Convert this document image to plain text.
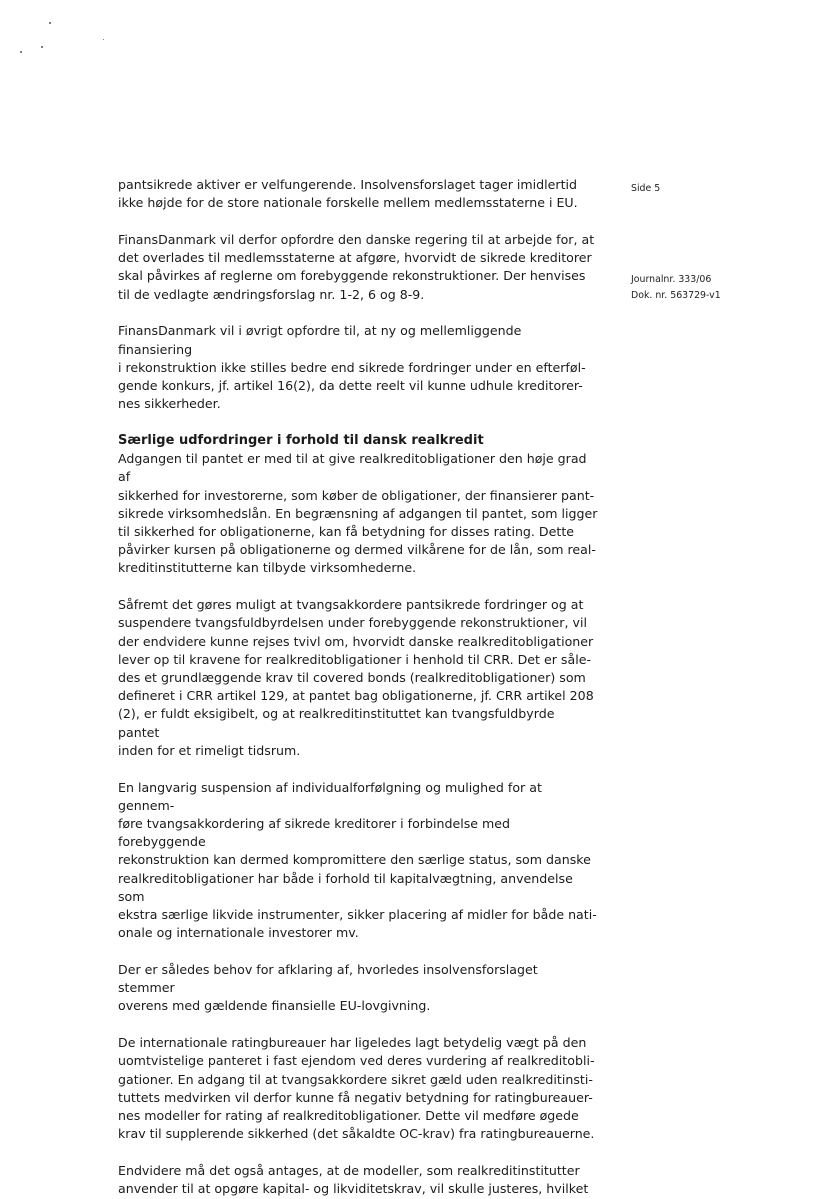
Side 5
Journalnr. 333/06
Dok. nr. 563729-v1

pantsikrede aktiver er velfungerende. Insolvensforslaget tager imidlertid
ikke højde for de store nationale forskelle mellem medlemsstaterne i EU.

FinansDanmark vil derfor opfordre den danske regering til at arbejde for, at
det overlades til medlemsstaterne at afgøre, hvorvidt de sikrede kreditorer
skal påvirkes af reglerne om forebyggende rekonstruktioner. Der henvises
til de vedlagte ændringsforslag nr. 1-2, 6 og 8-9.

FinansDanmark vil i øvrigt opfordre til, at ny og mellemliggende finansiering
i rekonstruktion ikke stilles bedre end sikrede fordringer under en efterføl-
gende konkurs, jf. artikel 16(2), da dette reelt vil kunne udhule kreditorer-
nes sikkerheder.

Særlige udfordringer i forhold til dansk realkredit

Adgangen til pantet er med til at give realkreditobligationer den høje grad af
sikkerhed for investorerne, som køber de obligationer, der finansierer pant-
sikrede virksomhedslån. En begrænsning af adgangen til pantet, som ligger
til sikkerhed for obligationerne, kan få betydning for disses rating. Dette
påvirker kursen på obligationerne og dermed vilkårene for de lån, som real-
kreditinstitutterne kan tilbyde virksomhederne.

Såfremt det gøres muligt at tvangsakkordere pantsikrede fordringer og at
suspendere tvangsfuldbyrdelsen under forebyggende rekonstruktioner, vil
der endvidere kunne rejses tvivl om, hvorvidt danske realkreditobligationer
lever op til kravene for realkreditobligationer i henhold til CRR. Det er såle-
des et grundlæggende krav til covered bonds (realkreditobligationer) som
defineret i CRR artikel 129, at pantet bag obligationerne, jf. CRR artikel 208
(2), er fuldt eksigibelt, og at realkreditinstituttet kan tvangsfuldbyrde pantet
inden for et rimeligt tidsrum.

En langvarig suspension af individualforfølgning og mulighed for at gennem-
føre tvangsakkordering af sikrede kreditorer i forbindelse med forebyggende
rekonstruktion kan dermed kompromittere den særlige status, som danske
realkreditobligationer har både i forhold til kapitalvægtning, anvendelse som
ekstra særlige likvide instrumenter, sikker placering af midler for både nati-
onale og internationale investorer mv.

Der er således behov for afklaring af, hvorledes insolvensforslaget stemmer
overens med gældende finansielle EU-lovgivning.

De internationale ratingbureauer har ligeledes lagt betydelig vægt på den
uomtvistelige panteret i fast ejendom ved deres vurdering af realkreditobli-
gationer. En adgang til at tvangsakkordere sikret gæld uden realkreditinsti-
tuttets medvirken vil derfor kunne få negativ betydning for ratingbureauer-
nes modeller for rating af realkreditobligationer. Dette vil medføre øgede
krav til supplerende sikkerhed (det såkaldte OC-krav) fra ratingbureauerne.

Endvidere må det også antages, at de modeller, som realkreditinstitutter
anvender til at opgøre kapital- og likviditetskrav, vil skulle justeres, hvilket
